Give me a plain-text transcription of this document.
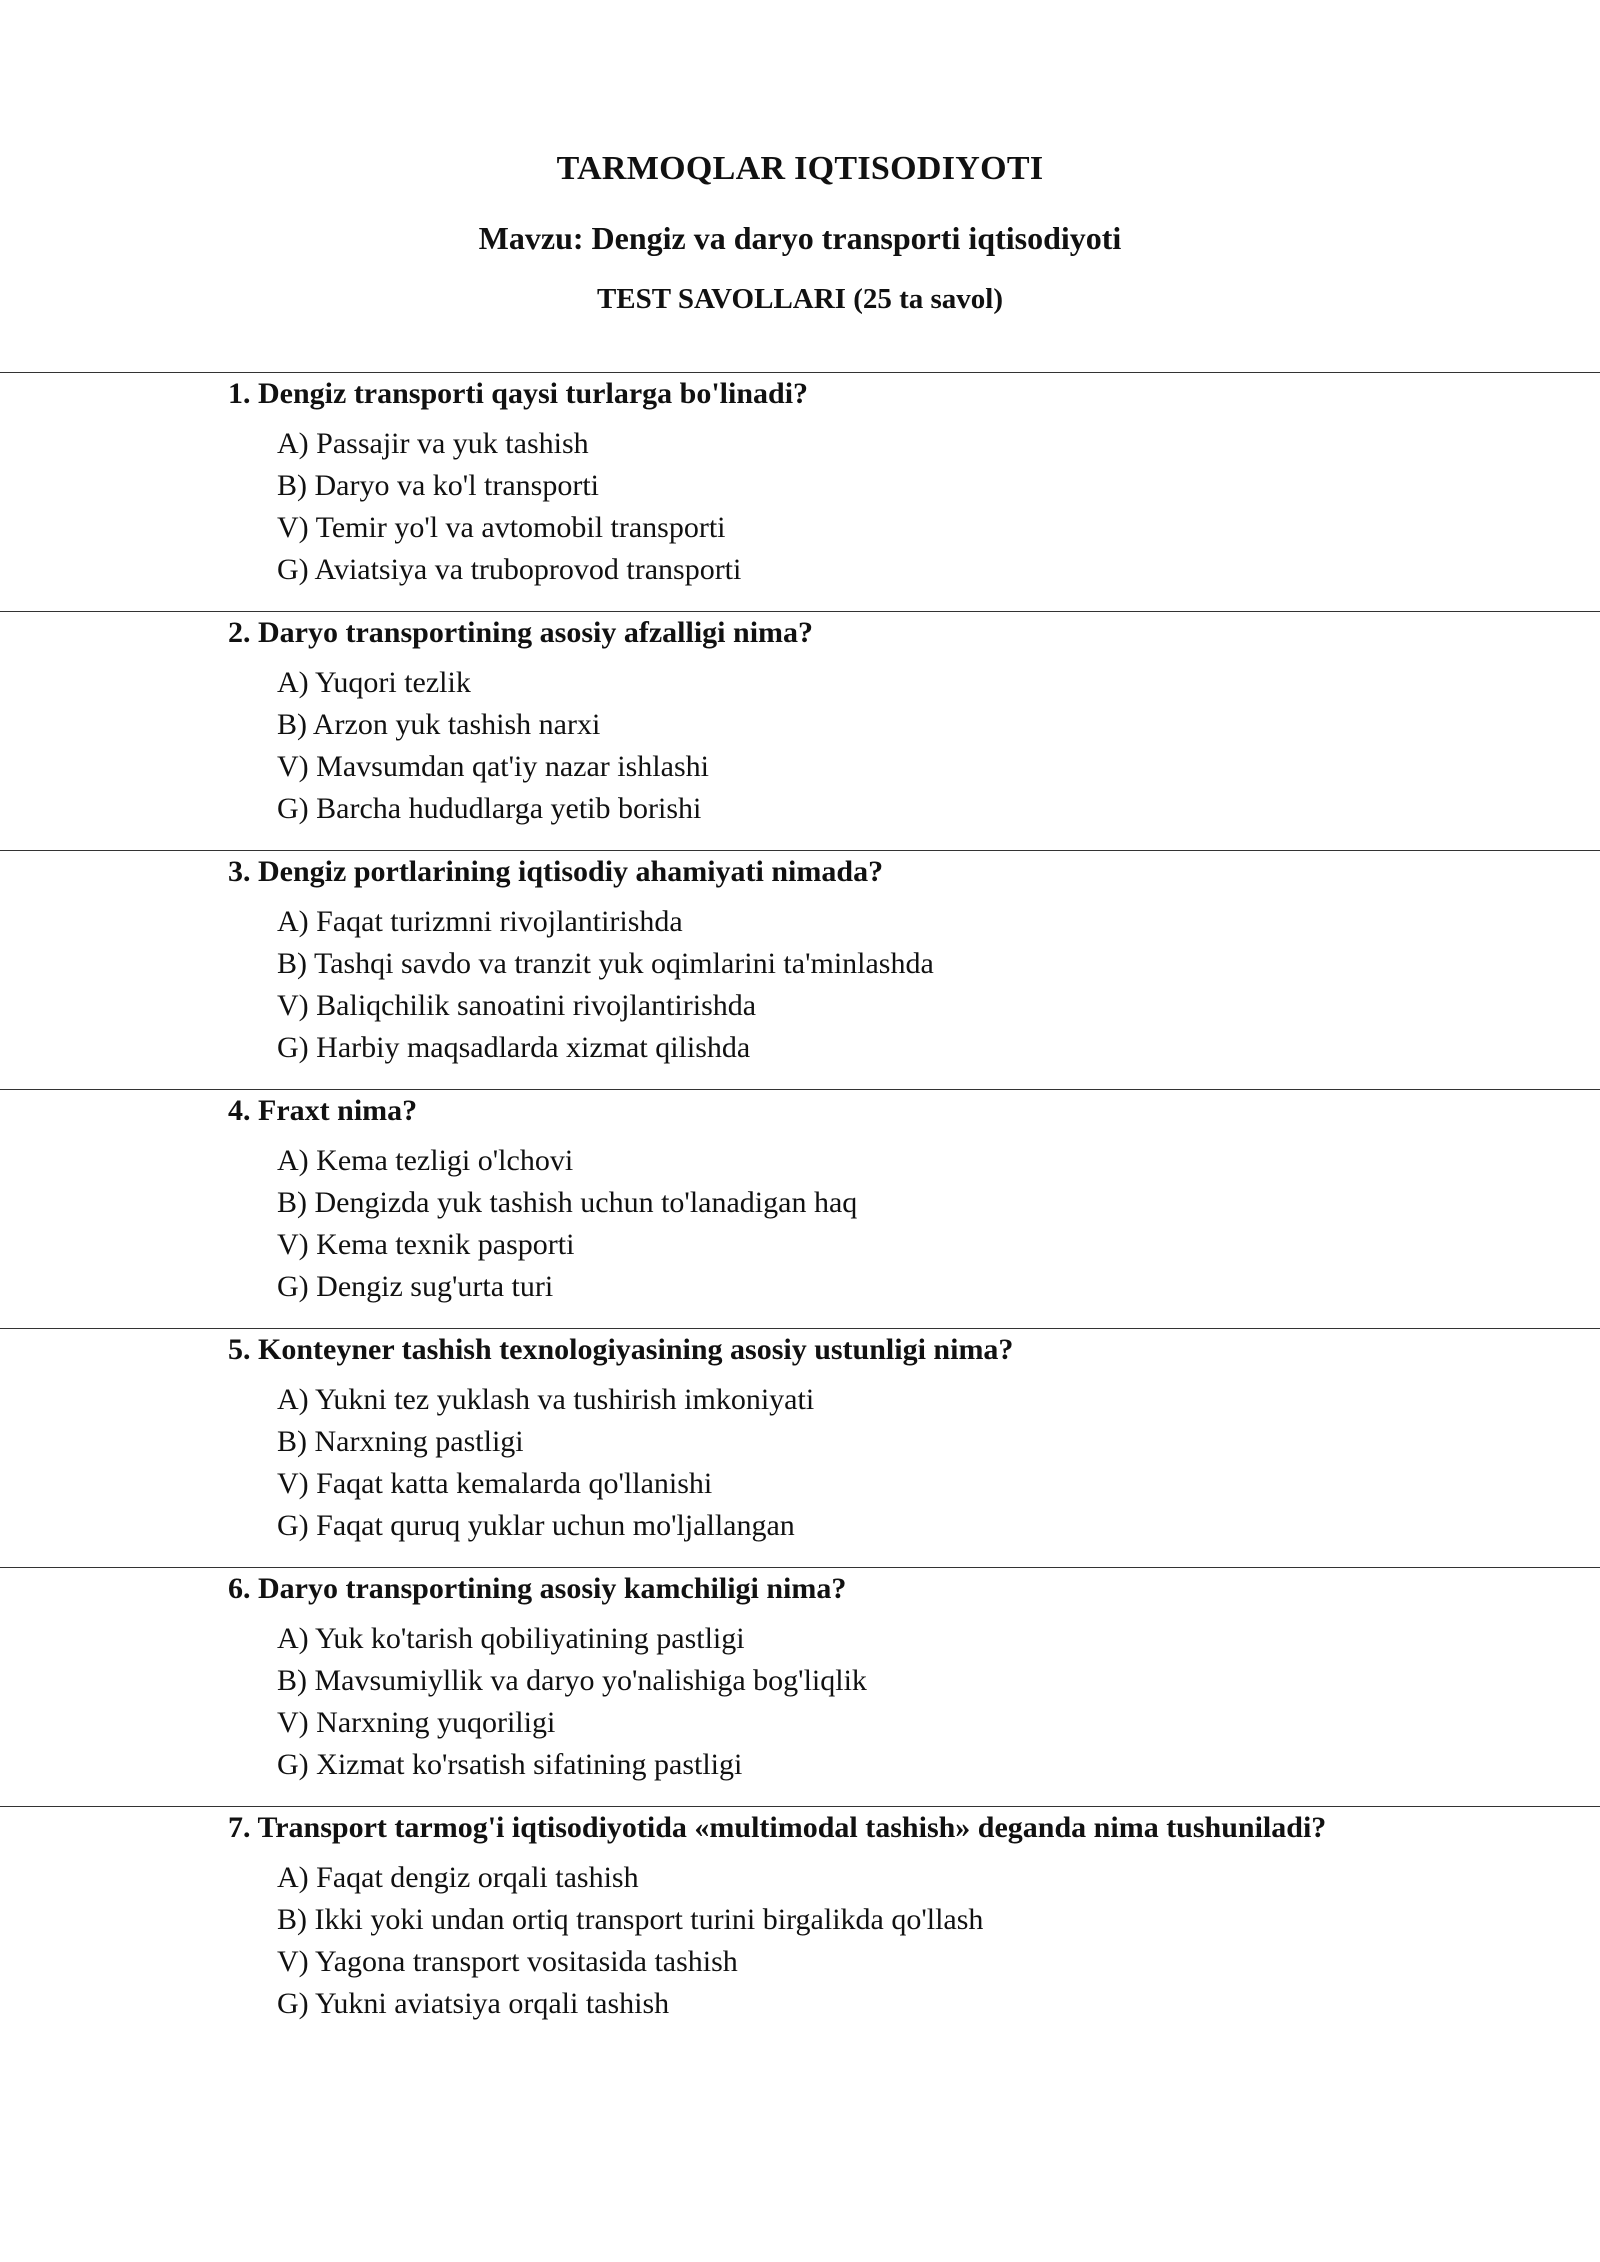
TARMOQLAR IQTISODIYOTI
Mavzu: Dengiz va daryo transporti iqtisodiyoti
TEST SAVOLLARI (25 ta savol)

1. Dengiz transporti qaysi turlarga bo'linadi?

A) Passajir va yuk tashish
B) Daryo va ko'l transporti
V) Temir yo'l va avtomobil transporti
G) Aviatsiya va truboprovod transporti

2. Daryo transportining asosiy afzalligi nima?

A) Yuqori tezlik
B) Arzon yuk tashish narxi
V) Mavsumdan qat'iy nazar ishlashi
G) Barcha hududlarga yetib borishi

3. Dengiz portlarining iqtisodiy ahamiyati nimada?

A) Faqat turizmni rivojlantirishda
B) Tashqi savdo va tranzit yuk oqimlarini ta'minlashda
V) Baliqchilik sanoatini rivojlantirishda
G) Harbiy maqsadlarda xizmat qilishda

4. Fraxt nima?

A) Kema tezligi o'lchovi
B) Dengizda yuk tashish uchun to'lanadigan haq
V) Kema texnik pasporti
G) Dengiz sug'urta turi

5. Konteyner tashish texnologiyasining asosiy ustunligi nima?

A) Yukni tez yuklash va tushirish imkoniyati
B) Narxning pastligi
V) Faqat katta kemalarda qo'llanishi
G) Faqat quruq yuklar uchun mo'ljallangan

6. Daryo transportining asosiy kamchiligi nima?

A) Yuk ko'tarish qobiliyatining pastligi
B) Mavsumiyllik va daryo yo'nalishiga bog'liqlik
V) Narxning yuqoriligi
G) Xizmat ko'rsatish sifatining pastligi

7. Transport tarmog'i iqtisodiyotida «multimodal tashish» deganda nima tushuniladi?

A) Faqat dengiz orqali tashish
B) Ikki yoki undan ortiq transport turini birgalikda qo'llash
V) Yagona transport vositasida tashish
G) Yukni aviatsiya orqali tashish
